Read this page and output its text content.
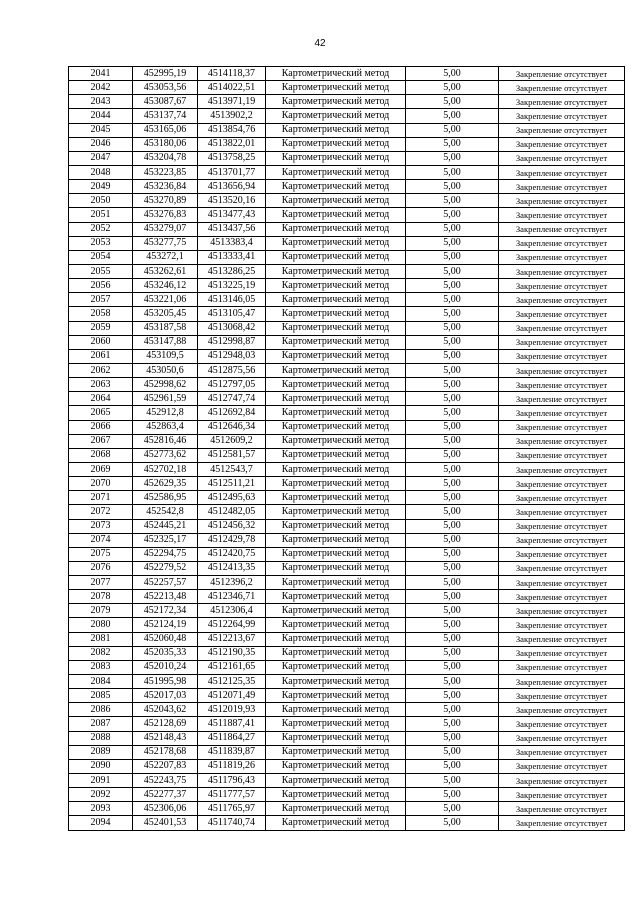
42
2041	452995,19	4514118,37	Картометрический метод	5,00	Закрепление отсутствует
2042	453053,56	4514022,51	Картометрический метод	5,00	Закрепление отсутствует
2043	453087,67	4513971,19	Картометрический метод	5,00	Закрепление отсутствует
2044	453137,74	4513902,2	Картометрический метод	5,00	Закрепление отсутствует
2045	453165,06	4513854,76	Картометрический метод	5,00	Закрепление отсутствует
2046	453180,06	4513822,01	Картометрический метод	5,00	Закрепление отсутствует
2047	453204,78	4513758,25	Картометрический метод	5,00	Закрепление отсутствует
2048	453223,85	4513701,77	Картометрический метод	5,00	Закрепление отсутствует
2049	453236,84	4513656,94	Картометрический метод	5,00	Закрепление отсутствует
2050	453270,89	4513520,16	Картометрический метод	5,00	Закрепление отсутствует
2051	453276,83	4513477,43	Картометрический метод	5,00	Закрепление отсутствует
2052	453279,07	4513437,56	Картометрический метод	5,00	Закрепление отсутствует
2053	453277,75	4513383,4	Картометрический метод	5,00	Закрепление отсутствует
2054	453272,1	4513333,41	Картометрический метод	5,00	Закрепление отсутствует
2055	453262,61	4513286,25	Картометрический метод	5,00	Закрепление отсутствует
2056	453246,12	4513225,19	Картометрический метод	5,00	Закрепление отсутствует
2057	453221,06	4513146,05	Картометрический метод	5,00	Закрепление отсутствует
2058	453205,45	4513105,47	Картометрический метод	5,00	Закрепление отсутствует
2059	453187,58	4513068,42	Картометрический метод	5,00	Закрепление отсутствует
2060	453147,88	4512998,87	Картометрический метод	5,00	Закрепление отсутствует
2061	453109,5	4512948,03	Картометрический метод	5,00	Закрепление отсутствует
2062	453050,6	4512875,56	Картометрический метод	5,00	Закрепление отсутствует
2063	452998,62	4512797,05	Картометрический метод	5,00	Закрепление отсутствует
2064	452961,59	4512747,74	Картометрический метод	5,00	Закрепление отсутствует
2065	452912,8	4512692,84	Картометрический метод	5,00	Закрепление отсутствует
2066	452863,4	4512646,34	Картометрический метод	5,00	Закрепление отсутствует
2067	452816,46	4512609,2	Картометрический метод	5,00	Закрепление отсутствует
2068	452773,62	4512581,57	Картометрический метод	5,00	Закрепление отсутствует
2069	452702,18	4512543,7	Картометрический метод	5,00	Закрепление отсутствует
2070	452629,35	4512511,21	Картометрический метод	5,00	Закрепление отсутствует
2071	452586,95	4512495,63	Картометрический метод	5,00	Закрепление отсутствует
2072	452542,8	4512482,05	Картометрический метод	5,00	Закрепление отсутствует
2073	452445,21	4512456,32	Картометрический метод	5,00	Закрепление отсутствует
2074	452325,17	4512429,78	Картометрический метод	5,00	Закрепление отсутствует
2075	452294,75	4512420,75	Картометрический метод	5,00	Закрепление отсутствует
2076	452279,52	4512413,35	Картометрический метод	5,00	Закрепление отсутствует
2077	452257,57	4512396,2	Картометрический метод	5,00	Закрепление отсутствует
2078	452213,48	4512346,71	Картометрический метод	5,00	Закрепление отсутствует
2079	452172,34	4512306,4	Картометрический метод	5,00	Закрепление отсутствует
2080	452124,19	4512264,99	Картометрический метод	5,00	Закрепление отсутствует
2081	452060,48	4512213,67	Картометрический метод	5,00	Закрепление отсутствует
2082	452035,33	4512190,35	Картометрический метод	5,00	Закрепление отсутствует
2083	452010,24	4512161,65	Картометрический метод	5,00	Закрепление отсутствует
2084	451995,98	4512125,35	Картометрический метод	5,00	Закрепление отсутствует
2085	452017,03	4512071,49	Картометрический метод	5,00	Закрепление отсутствует
2086	452043,62	4512019,93	Картометрический метод	5,00	Закрепление отсутствует
2087	452128,69	4511887,41	Картометрический метод	5,00	Закрепление отсутствует
2088	452148,43	4511864,27	Картометрический метод	5,00	Закрепление отсутствует
2089	452178,68	4511839,87	Картометрический метод	5,00	Закрепление отсутствует
2090	452207,83	4511819,26	Картометрический метод	5,00	Закрепление отсутствует
2091	452243,75	4511796,43	Картометрический метод	5,00	Закрепление отсутствует
2092	452277,37	4511777,57	Картометрический метод	5,00	Закрепление отсутствует
2093	452306,06	4511765,97	Картометрический метод	5,00	Закрепление отсутствует
2094	452401,53	4511740,74	Картометрический метод	5,00	Закрепление отсутствует
